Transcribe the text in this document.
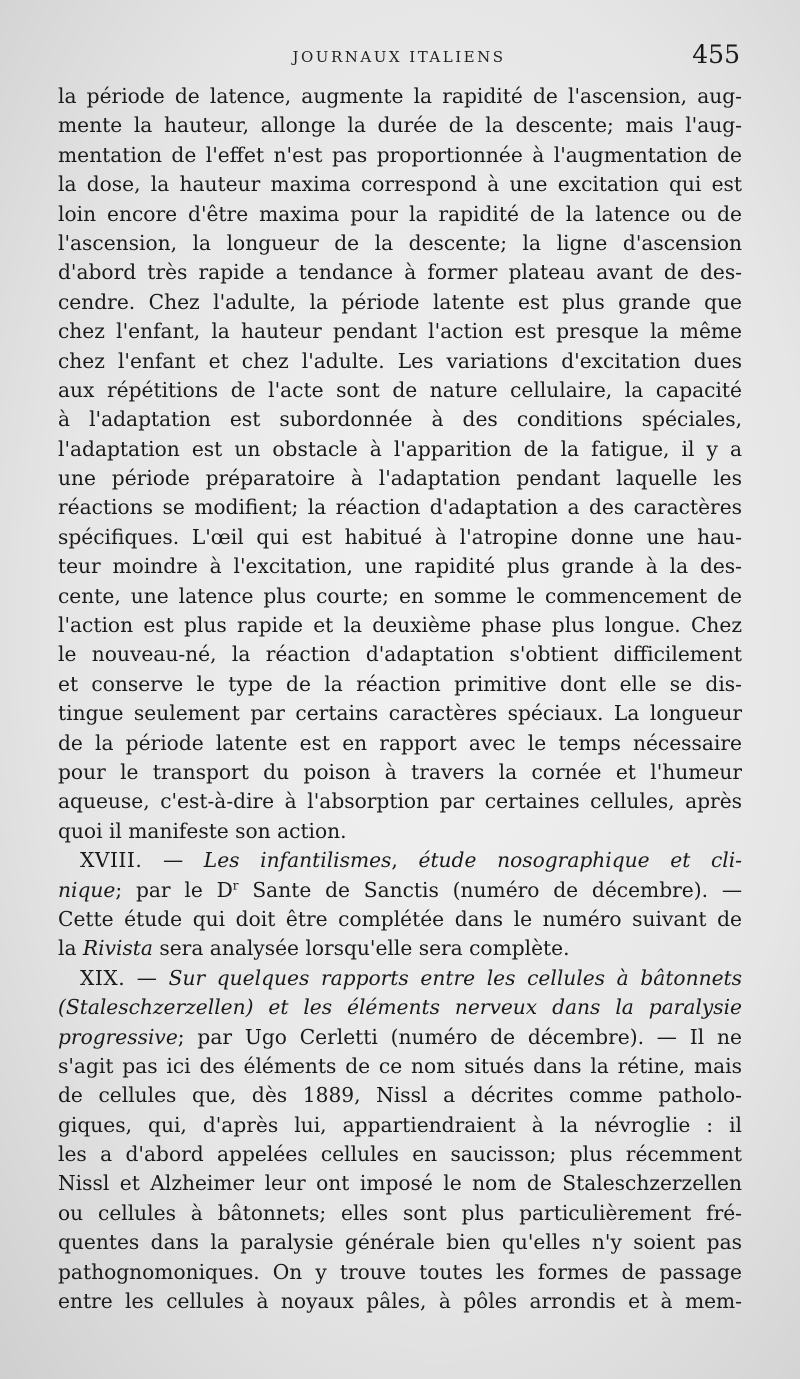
JOURNAUX ITALIENS	455
la période de latence, augmente la rapidité de l'ascension, aug-
mente la hauteur, allonge la durée de la descente; mais l'aug-
mentation de l'effet n'est pas proportionnée à l'augmentation de
la dose, la hauteur maxima correspond à une excitation qui est
loin encore d'être maxima pour la rapidité de la latence ou de
l'ascension, la longueur de la descente; la ligne d'ascension
d'abord très rapide a tendance à former plateau avant de des-
cendre. Chez l'adulte, la période latente est plus grande que
chez l'enfant, la hauteur pendant l'action est presque la même
chez l'enfant et chez l'adulte. Les variations d'excitation dues
aux répétitions de l'acte sont de nature cellulaire, la capacité
à l'adaptation est subordonnée à des conditions spéciales,
l'adaptation est un obstacle à l'apparition de la fatigue, il y a
une période préparatoire à l'adaptation pendant laquelle les
réactions se modifient; la réaction d'adaptation a des caractères
spécifiques. L'œil qui est habitué à l'atropine donne une hau-
teur moindre à l'excitation, une rapidité plus grande à la des-
cente, une latence plus courte; en somme le commencement de
l'action est plus rapide et la deuxième phase plus longue. Chez
le nouveau-né, la réaction d'adaptation s'obtient difficilement
et conserve le type de la réaction primitive dont elle se dis-
tingue seulement par certains caractères spéciaux. La longueur
de la période latente est en rapport avec le temps nécessaire
pour le transport du poison à travers la cornée et l'humeur
aqueuse, c'est-à-dire à l'absorption par certaines cellules, après
quoi il manifeste son action.
XVIII. — Les infantilismes, étude nosographique et cli-
nique; par le $D^r$ Sante de Sanctis (numéro de décembre). —
Cette étude qui doit être complétée dans le numéro suivant de
la Rivista sera analysée lorsqu'elle sera complète.
XIX. — Sur quelques rapports entre les cellules à bâtonnets
(Staleschzerzellen) et les éléments nerveux dans la paralysie
progressive; par Ugo Cerletti (numéro de décembre). — Il ne
s'agit pas ici des éléments de ce nom situés dans la rétine, mais
de cellules que, dès 1889, Nissl a décrites comme patholo-
giques, qui, d'après lui, appartiendraient à la névroglie : il
les a d'abord appelées cellules en saucisson; plus récemment
Nissl et Alzheimer leur ont imposé le nom de Staleschzerzellen
ou cellules à bâtonnets; elles sont plus particulièrement fré-
quentes dans la paralysie générale bien qu'elles n'y soient pas
pathognomoniques. On y trouve toutes les formes de passage
entre les cellules à noyaux pâles, à pôles arrondis et à mem-
